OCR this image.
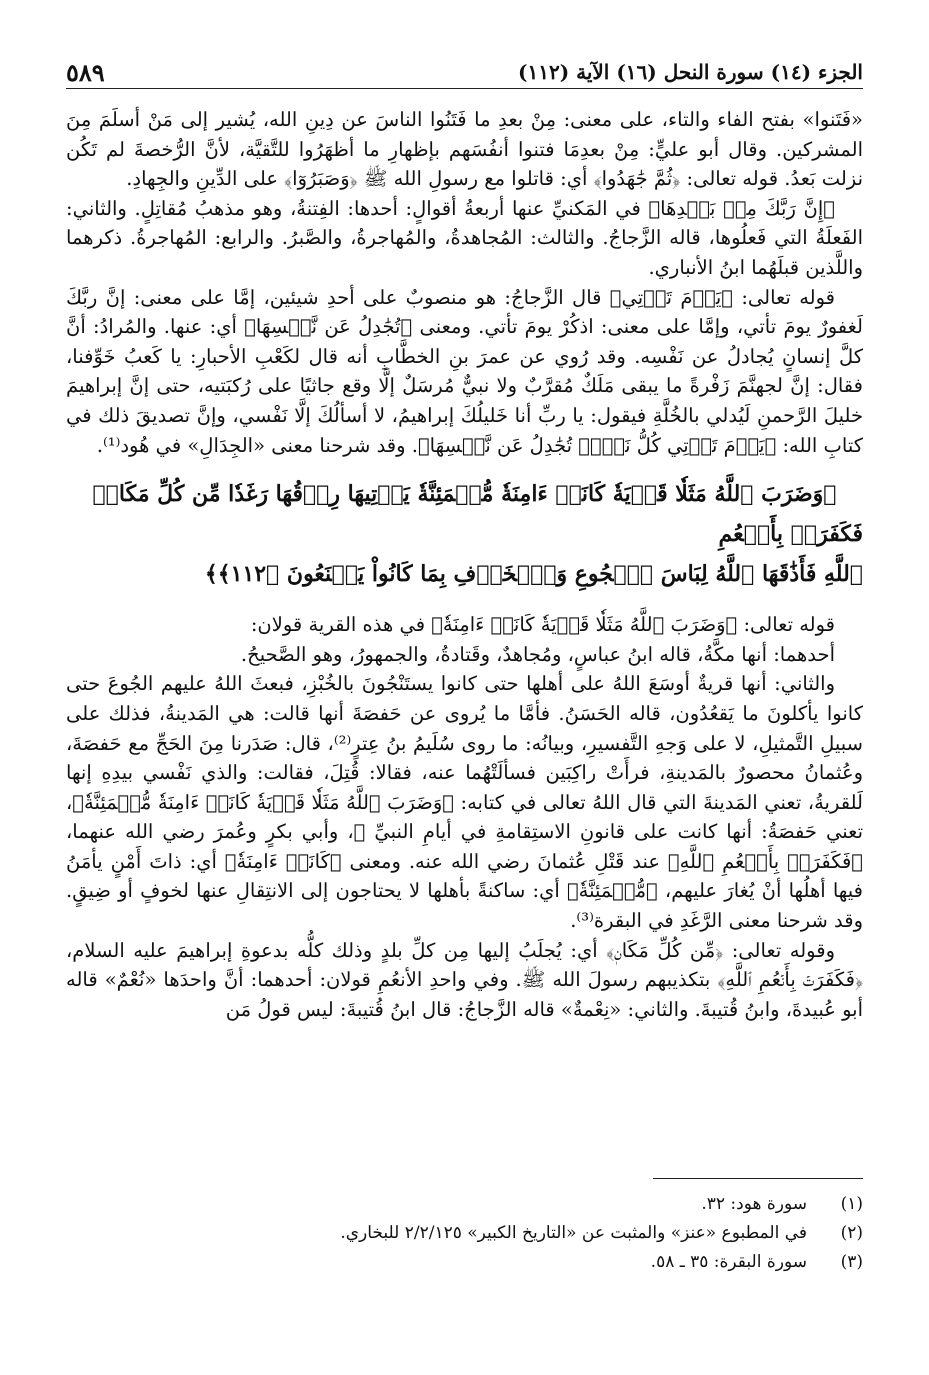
الجزء (١٤) سورة النحل (١٦) الآية (١١٢)
٥٨٩

«فَتَنوا» بفتح الفاء والتاء، على معنى: مِنْ بعدِ ما فَتَنُوا الناسَ عن دِينِ الله، يُشير إلى مَنْ أسلَمَ مِنَ المشركين. وقال أبو عليٍّ: مِنْ بعدِمَا فتنوا أنفُسَهم بإظهارِ ما أظهَرُوا للتَّقيَّة، لأنَّ الرُّخصةَ لم تَكُن نزلت بَعدُ. قوله تعالى: ﴿ثُمَّ جَٰهَدُوا﴾ أي: قاتلوا مع رسولِ الله ﷺ ﴿وَصَبَرُوٓا﴾ على الدِّينِ والجِهادِ.

﴿إِنَّ رَبَّكَ مِنۢ بَعۡدِهَا﴾ في المَكنيِّ عنها أربعةُ أقوالٍ: أحدها: الفِتنةُ، وهو مذهبُ مُقاتِلٍ. والثاني: الفَعلَةُ التي فَعلُوها، قاله الزَّجاجُ. والثالث: المُجاهدةُ، والمُهاجرةُ، والصَّبرُ. والرابع: المُهاجرةُ. ذكرهما واللَّذين قبلَهُما ابنُ الأنباري.

قوله تعالى: ﴿يَوۡمَ تَأۡتِي﴾ قال الزَّجاجُ: هو منصوبٌ على أحدِ شيئين، إمَّا على معنى: إنَّ ربَّكَ لَغفورٌ يومَ تأتي، وإمَّا على معنى: اذكُرْ يومَ تأتي. ومعنى ﴿تُجَٰدِلُ عَن نَّفۡسِهَا﴾ أي: عنها. والمُرادُ: أنَّ كلَّ إنسانٍ يُجادلُ عن نَفْسِه. وقد رُوي عن عمرَ بنِ الخطَّابِ أنه قال لكَعْبِ الأحبارِ: يا كَعبُ خَوِّفنا، فقال: إنَّ لجهنَّمَ زَفْرةً ما يبقى مَلَكٌ مُقرَّبٌ ولا نبيٌّ مُرسَلٌ إلَّا وقع جاثيًا على رُكبَتيه، حتى إنَّ إبراهيمَ خليلَ الرَّحمنِ لَيُدلي بالخُلَّةِ فيقول: يا ربِّ أنا خَليلُكَ إبراهيمُ، لا أسألُكَ إلَّا نَفْسي، وإنَّ تصديقَ ذلك في كتابِ الله: ﴿يَوۡمَ تَأۡتِي كُلُّ نَفۡسٖ تُجَٰدِلُ عَن نَّفۡسِهَا﴾. وقد شرحنا معنى «الجِدَالِ» في هُود⁽¹⁾.

﴿وَضَرَبَ ٱللَّهُ مَثَلٗا قَرۡيَةٗ كَانَتۡ ءَامِنَةٗ مُّطۡمَئِنَّةٗ يَأۡتِيهَا رِزۡقُهَا رَغَدٗا مِّن كُلِّ مَكَانٖ فَكَفَرَتۡ بِأَنۡعُمِ
ٱللَّهِ فَأَذَٰقَهَا ٱللَّهُ لِبَاسَ ٱلۡجُوعِ وَٱلۡخَوۡفِ بِمَا كَانُواْ يَصۡنَعُونَ ﴿١١٢﴾﴾

قوله تعالى: ﴿وَضَرَبَ ٱللَّهُ مَثَلٗا قَرۡيَةٗ كَانَتۡ ءَامِنَةٗ﴾ في هذه القرية قولان:

أحدهما: أنها مكَّةُ، قاله ابنُ عباسٍ، ومُجاهدٌ، وقَتادةُ، والجمهورُ، وهو الصَّحيحُ.

والثاني: أنها قريةٌ أوسَعَ اللهُ على أهلها حتى كانوا يستَنْجُونَ بالخُبْزِ، فبعثَ اللهُ عليهم الجُوعَ حتى كانوا يأكلونَ ما يَقعُدُون، قاله الحَسَنُ. فأمَّا ما يُروى عن حَفصَةَ أنها قالت: هي المَدينةُ، فذلك على سبيلِ التَّمثيلِ، لا على وَجهِ التَّفسيرِ، وبيانُه: ما روى سُلَيمُ بنُ عِترٍ⁽²⁾، قال: صَدَرنا مِنَ الحَجِّ مع حَفصَةَ، وعُثمانُ محصورٌ بالمَدينةِ، فرأَتْ راكِبَين فسألَتْهُما عنه، فقالا: قُتِلَ، فقالت: والذي نَفْسي بيدِهِ إنها لَلقريةُ، تعني المَدينةَ التي قال اللهُ تعالى في كتابه: ﴿وَضَرَبَ ٱللَّهُ مَثَلٗا قَرۡيَةٗ كَانَتۡ ءَامِنَةٗ مُّطۡمَئِنَّةٗ﴾، تعني حَفصَةُ: أنها كانت على قانونِ الاستِقامةِ في أيامِ النبيِّ ﷺ، وأبي بكرٍ وعُمرَ رضي الله عنهما، ﴿فَكَفَرَتۡ بِأَنۡعُمِ ٱللَّهِ﴾ عند قَتْلِ عُثمانَ رضي الله عنه. ومعنى ﴿كَانَتۡ ءَامِنَةٗ﴾ أي: ذاتَ أَمْنٍ يأمَنُ فيها أهلُها أنْ يُغارَ عليهم، ﴿مُّطۡمَئِنَّةٗ﴾ أي: ساكنةً بأهلها لا يحتاجون إلى الانتِقالِ عنها لخوفٍ أو ضِيقٍ. وقد شرحنا معنى الرَّغَدِ في البقرة⁽³⁾.

وقوله تعالى: ﴿مِّن كُلِّ مَكَانٖ﴾ أي: يُجلَبُ إليها مِن كلِّ بلدٍ وذلك كلُّه بدعوةِ إبراهيمَ عليه السلام، ﴿فَكَفَرَتۡ بِأَنۡعُمِ ٱللَّهِ﴾ بتكذيبهم رسولَ الله ﷺ. وفي واحدِ الأنعُمِ قولان: أحدهما: أنَّ واحدَها «نُعْمٌ» قاله أبو عُبيدةَ، وابنُ قُتيبةَ. والثاني: «نِعْمةٌ» قاله الزَّجاجُ: قال ابنُ قُتيبةَ: ليس قولُ مَن

(١)
سورة هود: ٣٢.
(٢)
في المطبوع «عنز» والمثبت عن «التاريخ الكبير» ٢/٢/١٢٥ للبخاري.
(٣)
سورة البقرة: ٣٥ ـ ٥٨.
